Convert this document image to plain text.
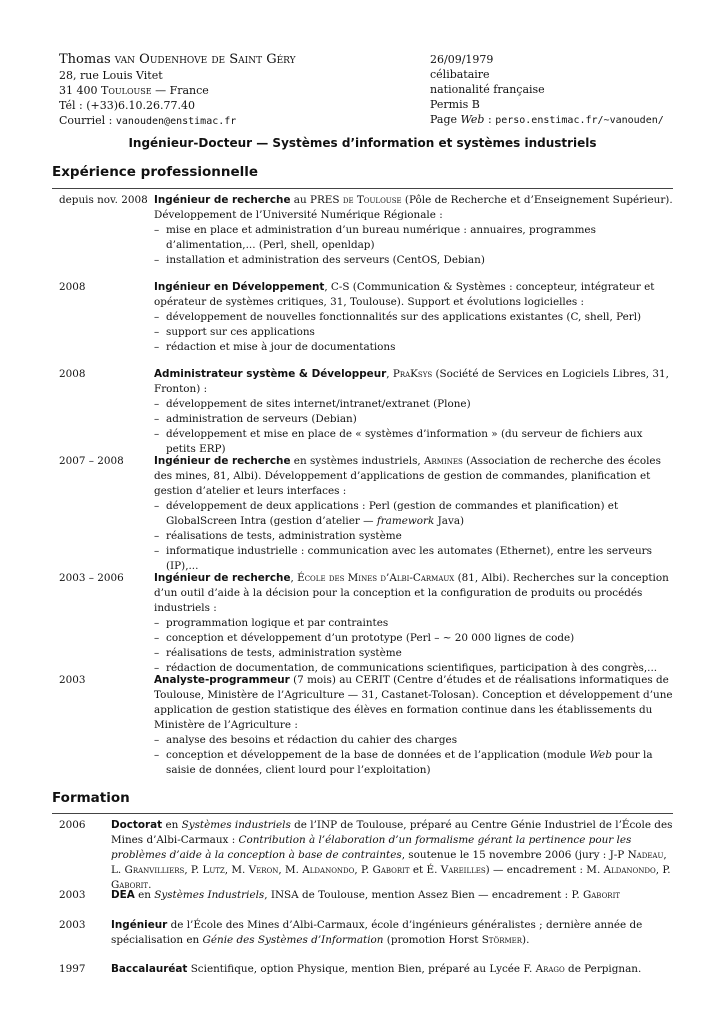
Thomas van Oudenhove de Saint Géry
28, rue Louis Vitet
31 400 Toulouse — France
Tél : (+33)6.10.26.77.40
Courriel : vanouden@enstimac.fr
26/09/1979
célibataire
nationalité française
Permis B
Page Web : perso.enstimac.fr/~vanouden/
Ingénieur-Docteur — Systèmes d’information et systèmes industriels
Expérience professionnelle
depuis nov. 2008 Ingénieur de recherche au PRES de Toulouse (Pôle de Recherche et d’Enseignement Supérieur).

Développement de l’Université Numérique Régionale :

– mise en place et administration d’un bureau numérique : annuaires, programmes d’alimentation,... (Perl, shell, openldap)
– installation et administration des serveurs (CentOS, Debian)
2008	Ingénieur en Développement, C-S (Communication & Systèmes : concepteur, intégrateur et opérateur de systèmes critiques, 31, Toulouse). Support et évolutions logicielles :

– développement de nouvelles fonctionnalités sur des applications existantes (C, shell, Perl)
– support sur ces applications
– rédaction et mise à jour de documentations
2008	Administrateur système & Développeur, PraKsys (Société de Services en Logiciels Libres, 31, Fronton) :

– développement de sites internet/intranet/extranet (Plone)
– administration de serveurs (Debian)
– développement et mise en place de « systèmes d’information » (du serveur de fichiers aux petits ERP)
2007 – 2008	Ingénieur de recherche en systèmes industriels, Armines (Association de recherche des écoles des mines, 81, Albi). Développement d’applications de gestion de commandes, planification et gestion d’atelier et leurs interfaces :

– développement de deux applications : Perl (gestion de commandes et planification) et GlobalScreen Intra (gestion d’atelier — framework Java)
– réalisations de tests, administration système
– informatique industrielle : communication avec les automates (Ethernet), entre les serveurs (IP),...
2003 – 2006	Ingénieur de recherche, École des Mines d’Albi-Carmaux (81, Albi). Recherches sur la conception d’un outil d’aide à la décision pour la conception et la configuration de produits ou procédés industriels :

– programmation logique et par contraintes
– conception et développement d’un prototype (Perl – ~ 20 000 lignes de code)
– réalisations de tests, administration système
– rédaction de documentation, de communications scientifiques, participation à des congrès,...
2003	Analyste-programmeur (7 mois) au CERIT (Centre d’études et de réalisations informatiques de Toulouse, Ministère de l’Agriculture — 31, Castanet-Tolosan). Conception et développement d’une application de gestion statistique des élèves en formation continue dans les établissements du Ministère de l’Agriculture :

– analyse des besoins et rédaction du cahier des charges
– conception et développement de la base de données et de l’application (module Web pour la saisie de données, client lourd pour l’exploitation)
Formation
2006 Doctorat en Systèmes industriels de l’INP de Toulouse, préparé au Centre Génie Industriel de l’École des Mines d’Albi-Carmaux : Contribution à l’élaboration d’un formalisme gérant la pertinence pour les problèmes d’aide à la conception à base de contraintes, soutenue le 15 novembre 2006 (jury : J-P Nadeau, L. Granvilliers, P. Lutz, M. Veron, M. Aldanondo, P. Gaborit et É. Vareilles) — encadrement : M. Aldanondo, P. Gaborit.

2003 DEA en Systèmes Industriels, INSA de Toulouse, mention Assez Bien — encadrement : P. Gaborit

2003 Ingénieur de l’École des Mines d’Albi-Carmaux, école d’ingénieurs généralistes ; dernière année de spécialisation en Génie des Systèmes d’Information (promotion Horst Störmer).

1997 Baccalauréat Scientifique, option Physique, mention Bien, préparé au Lycée F. Arago de Perpignan.
